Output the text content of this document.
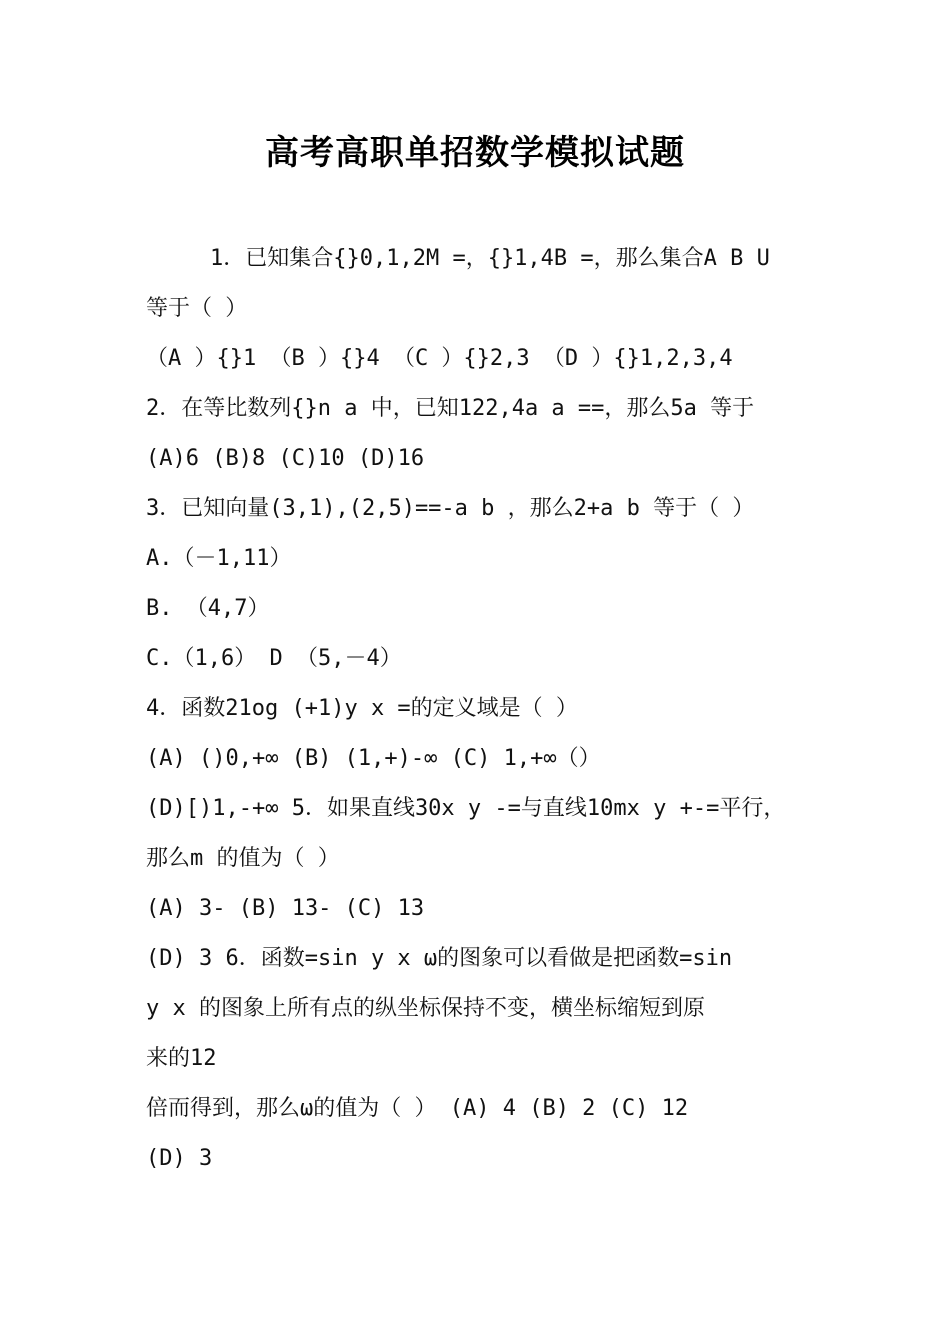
高考高职单招数学模拟试题
1．已知集合{}0,1,2M =，{}1,4B =，那么集合A B U
等于（ ）
（A ）{}1 （B ）{}4 （C ）{}2,3 （D ）{}1,2,3,4
2．在等比数列{}n a 中，已知122,4a a ==，那么5a 等于
(A)6 (B)8 (C)10 (D)16
3．已知向量(3,1),(2,5)==-a b ，那么2+a b 等于（ ）
A.（－1,11）
B. （4,7）
C.（1,6） D （5,－4）
4．函数21og (+1)y x =的定义域是（ ）
(A) ()0,+∞ (B) (1,+)-∞ (C) 1,+∞（）
(D)[)1,-+∞ 5．如果直线30x y -=与直线10mx y +-=平行，
那么m 的值为（ ）
(A) 3- (B) 13- (C) 13
(D) 3 6．函数=sin y x ω的图象可以看做是把函数=sin
y x 的图象上所有点的纵坐标保持不变，横坐标缩短到原
来的12
倍而得到，那么ω的值为（ ） (A) 4 (B) 2 (C) 12
(D) 3
